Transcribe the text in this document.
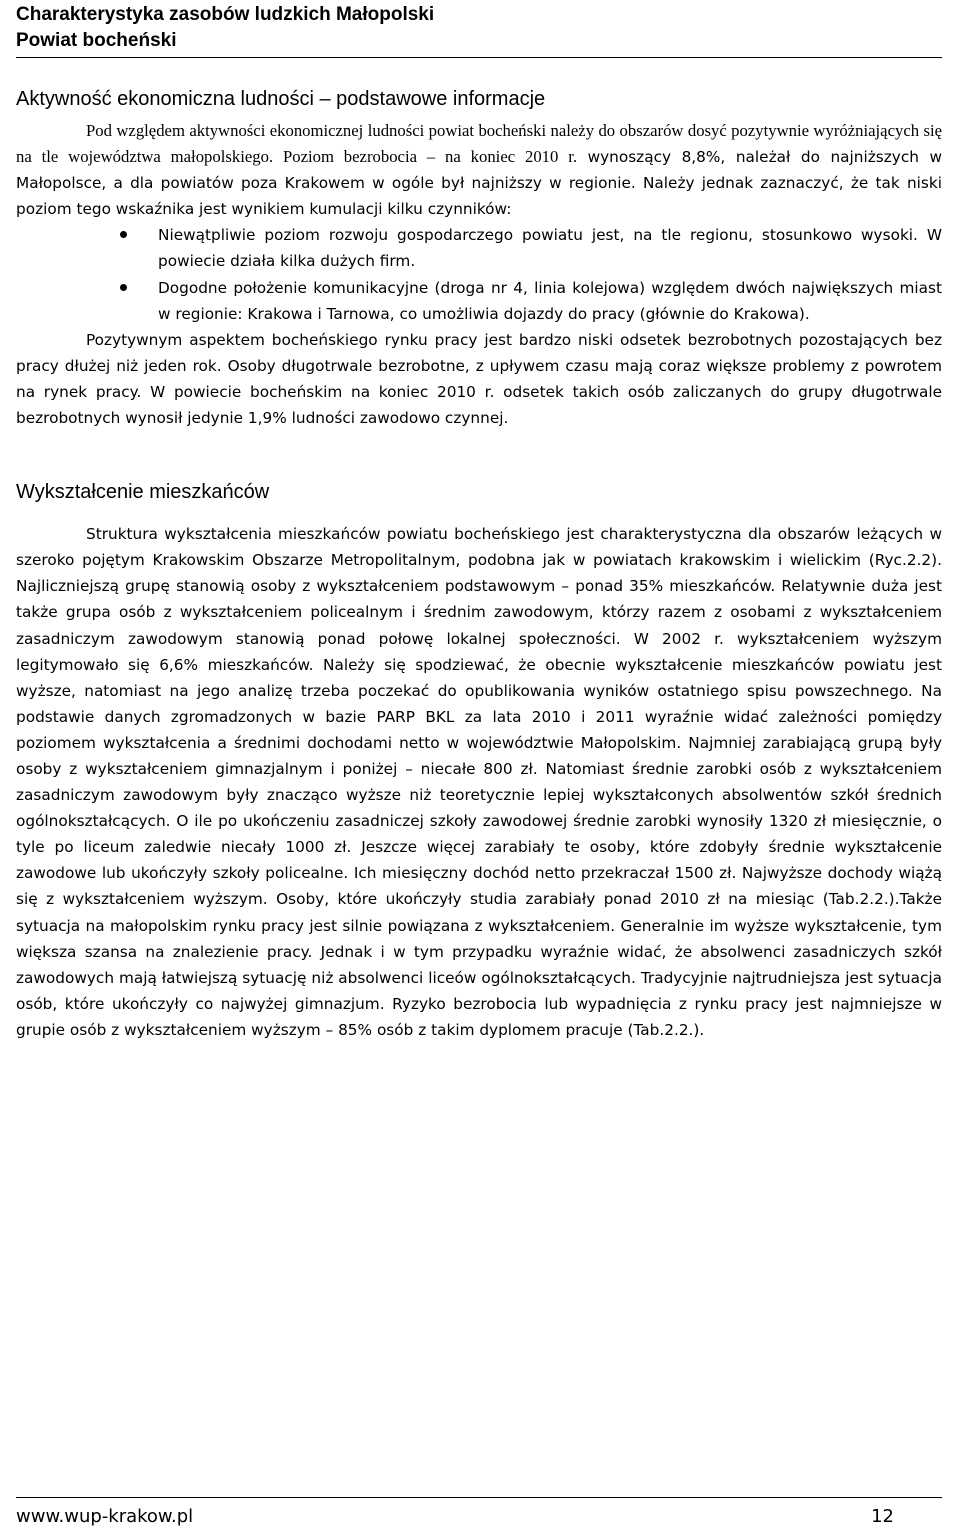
Charakterystyka zasobów ludzkich Małopolski
Powiat bocheński
Aktywność ekonomiczna ludności – podstawowe informacje

Pod względem aktywności ekonomicznej ludności powiat bocheński należy do obszarów dosyć pozytywnie wyróżniających się na tle województwa małopolskiego. Poziom bezrobocia – na koniec 2010 r. wynoszący 8,8%, należał do najniższych w Małopolsce, a dla powiatów poza Krakowem w ogóle był najniższy w regionie. Należy jednak zaznaczyć, że tak niski poziom tego wskaźnika jest wynikiem kumulacji kilku czynników:

Niewątpliwie poziom rozwoju gospodarczego powiatu jest, na tle regionu, stosunkowo wysoki. W powiecie działa kilka dużych firm.
Dogodne położenie komunikacyjne (droga nr 4, linia kolejowa) względem dwóch największych miast w regionie: Krakowa i Tarnowa, co umożliwia dojazdy do pracy (głównie do Krakowa).

Pozytywnym aspektem bocheńskiego rynku pracy jest bardzo niski odsetek bezrobotnych pozostających bez pracy dłużej niż jeden rok. Osoby długotrwale bezrobotne, z upływem czasu mają coraz większe problemy z powrotem na rynek pracy. W powiecie bocheńskim na koniec 2010 r. odsetek takich osób zaliczanych do grupy długotrwale bezrobotnych wynosił jedynie 1,9% ludności zawodowo czynnej.

Wykształcenie mieszkańców

Struktura wykształcenia mieszkańców powiatu bocheńskiego jest charakterystyczna dla obszarów leżących w szeroko pojętym Krakowskim Obszarze Metropolitalnym, podobna jak w powiatach krakowskim i wielickim (Ryc.2.2). Najliczniejszą grupę stanowią osoby z wykształceniem podstawowym – ponad 35% mieszkańców. Relatywnie duża jest także grupa osób z wykształceniem policealnym i średnim zawodowym, którzy razem z osobami z wykształceniem zasadniczym zawodowym stanowią ponad połowę lokalnej społeczności. W 2002 r. wykształceniem wyższym legitymowało się 6,6% mieszkańców. Należy się spodziewać, że obecnie wykształcenie mieszkańców powiatu jest wyższe, natomiast na jego analizę trzeba poczekać do opublikowania wyników ostatniego spisu powszechnego. Na podstawie danych zgromadzonych w bazie PARP BKL za lata 2010 i 2011 wyraźnie widać zależności pomiędzy poziomem wykształcenia a średnimi dochodami netto w województwie Małopolskim. Najmniej zarabiającą grupą były osoby z wykształceniem gimnazjalnym i poniżej – niecałe 800 zł. Natomiast średnie zarobki osób z wykształceniem zasadniczym zawodowym były znacząco wyższe niż teoretycznie lepiej wykształconych absolwentów szkół średnich ogólnokształcących. O ile po ukończeniu zasadniczej szkoły zawodowej średnie zarobki wynosiły 1320 zł miesięcznie, o tyle po liceum zaledwie niecały 1000 zł. Jeszcze więcej zarabiały te osoby, które zdobyły średnie wykształcenie zawodowe lub ukończyły szkoły policealne. Ich miesięczny dochód netto przekraczał 1500 zł. Najwyższe dochody wiążą się z wykształceniem wyższym. Osoby, które ukończyły studia zarabiały ponad 2010 zł na miesiąc (Tab.2.2.).Także sytuacja na małopolskim rynku pracy jest silnie powiązana z wykształceniem. Generalnie im wyższe wykształcenie, tym większa szansa na znalezienie pracy. Jednak i w tym przypadku wyraźnie widać, że absolwenci zasadniczych szkół zawodowych mają łatwiejszą sytuację niż absolwenci liceów ogólnokształcących. Tradycyjnie najtrudniejsza jest sytuacja osób, które ukończyły co najwyżej gimnazjum. Ryzyko bezrobocia lub wypadnięcia z rynku pracy jest najmniejsze w grupie osób z wykształceniem wyższym – 85% osób z takim dyplomem pracuje (Tab.2.2.).

www.wup-krakow.pl	12
